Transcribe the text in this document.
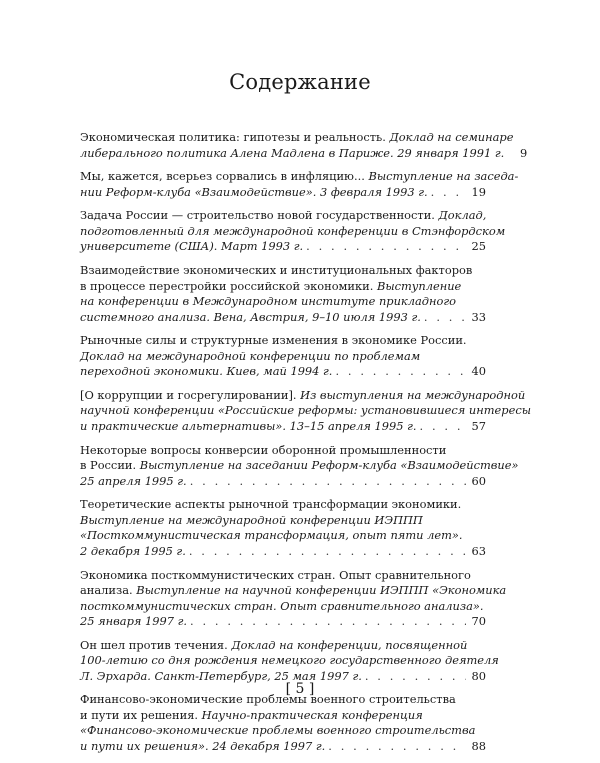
Содержание
Экономическая политика: гипотезы и реальность. Доклад на семинаре
либерального политика Алена Мадлена в Париже. 29 января 1991 г.	9
Мы, кажется, всерьез сорвались в инфляцию... Выступление на заседа-
нии Реформ-клуба «Взаимодействие». 3 февраля 1993 г. . . .	19
Задача России — строительство новой государственности. Доклад,
подготовленный для международной конференции в Стэнфордском
университете (США). Март 1993 г. . . .	25
Взаимодействие экономических и институциональных факторов
в процессе перестройки российской экономики. Выступление
на конференции в Международном институте прикладного
системного анализа. Вена, Австрия, 9–10 июля 1993 г. . . .	33
Рыночные силы и структурные изменения в экономике России.
Доклад на международной конференции по проблемам
переходной экономики. Киев, май 1994 г. . . .	40
[О коррупции и госрегулировании]. Из выступления на международной
научной конференции «Российские реформы: установившиеся интересы
и практические альтернативы». 13–15 апреля 1995 г. . . .	57
Некоторые вопросы конверсии оборонной промышленности
в России. Выступление на заседании Реформ-клуба «Взаимодействие»
25 апреля 1995 г. . . .	60
Теоретические аспекты рыночной трансформации экономики.
Выступление на международной конференции ИЭППП
«Посткоммунистическая трансформация, опыт пяти лет».
2 декабря 1995 г. . . .	63
Экономика посткоммунистических стран. Опыт сравнительного
анализа. Выступление на научной конференции ИЭППП «Экономика
посткоммунистических стран. Опыт сравнительного анализа».
25 января 1997 г. . . .	70
Он шел против течения. Доклад на конференции, посвященной
100-летию со дня рождения немецкого государственного деятеля
Л. Эрхарда. Санкт-Петербург, 25 мая 1997 г. . . .	80
Финансово-экономические проблемы военного строительства
и пути их решения. Научно-практическая конференция
«Финансово-экономические проблемы военного строительства
и пути их решения». 24 декабря 1997 г. . . .	88
[ 5 ]
